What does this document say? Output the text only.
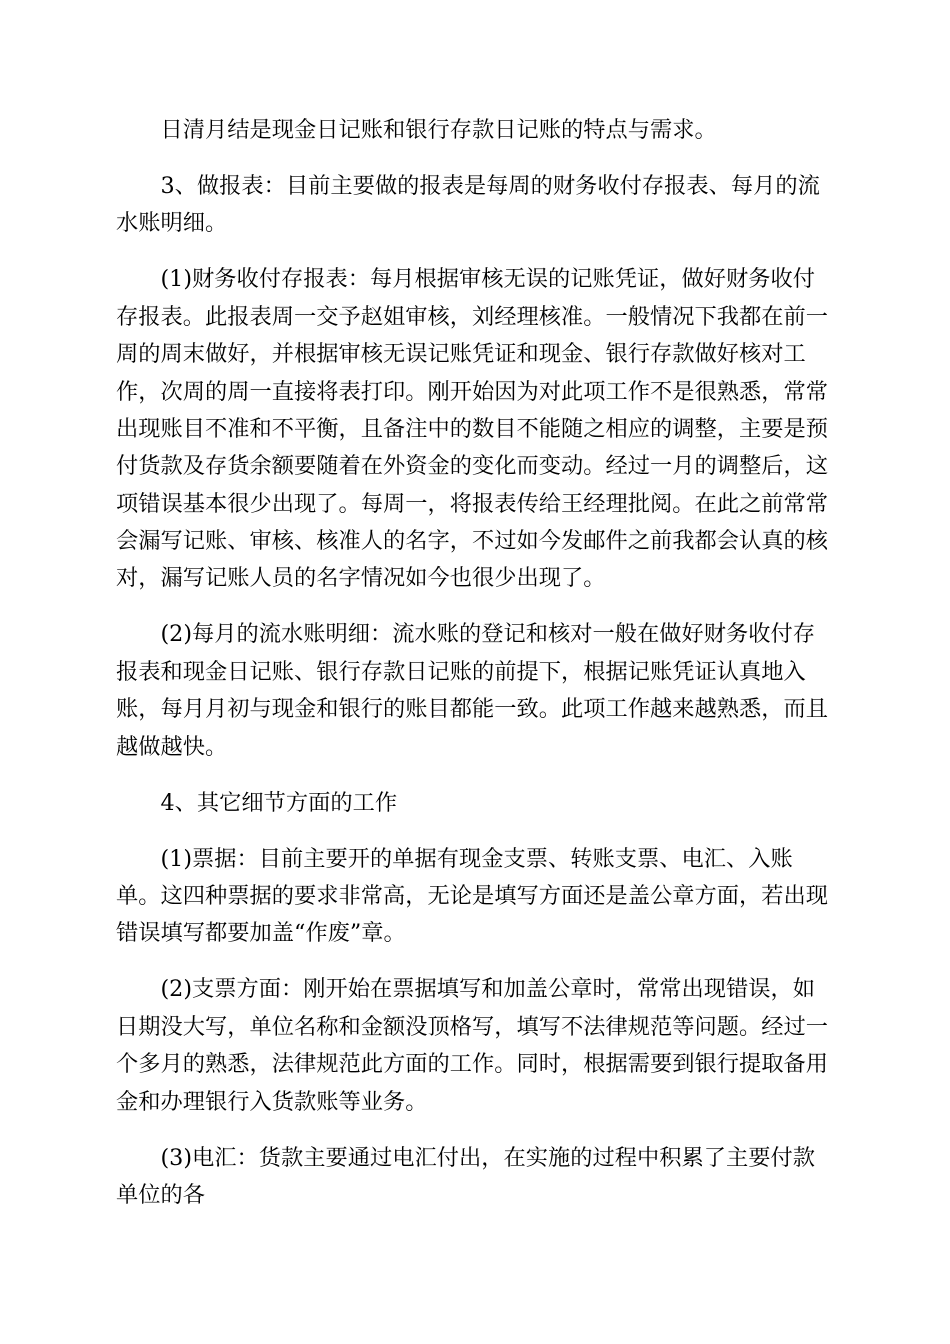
日清月结是现金日记账和银行存款日记账的特点与需求。
3、做报表：目前主要做的报表是每周的财务收付存报表、每月的流
水账明细。
(1)财务收付存报表：每月根据审核无误的记账凭证，做好财务收付
存报表。此报表周一交予赵姐审核，刘经理核准。一般情况下我都在前一
周的周末做好，并根据审核无误记账凭证和现金、银行存款做好核对工
作，次周的周一直接将表打印。刚开始因为对此项工作不是很熟悉，常常
出现账目不准和不平衡，且备注中的数目不能随之相应的调整，主要是预
付货款及存货余额要随着在外资金的变化而变动。经过一月的调整后，这
项错误基本很少出现了。每周一，将报表传给王经理批阅。在此之前常常
会漏写记账、审核、核准人的名字，不过如今发邮件之前我都会认真的核
对，漏写记账人员的名字情况如今也很少出现了。
(2)每月的流水账明细：流水账的登记和核对一般在做好财务收付存
报表和现金日记账、银行存款日记账的前提下，根据记账凭证认真地入
账，每月月初与现金和银行的账目都能一致。此项工作越来越熟悉，而且
越做越快。
4、其它细节方面的工作
(1)票据：目前主要开的单据有现金支票、转账支票、电汇、入账
单。这四种票据的要求非常高，无论是填写方面还是盖公章方面，若出现
错误填写都要加盖“作废”章。
(2)支票方面：刚开始在票据填写和加盖公章时，常常出现错误，如
日期没大写，单位名称和金额没顶格写，填写不法律规范等问题。经过一
个多月的熟悉，法律规范此方面的工作。同时，根据需要到银行提取备用
金和办理银行入货款账等业务。
(3)电汇：货款主要通过电汇付出，在实施的过程中积累了主要付款
单位的各
